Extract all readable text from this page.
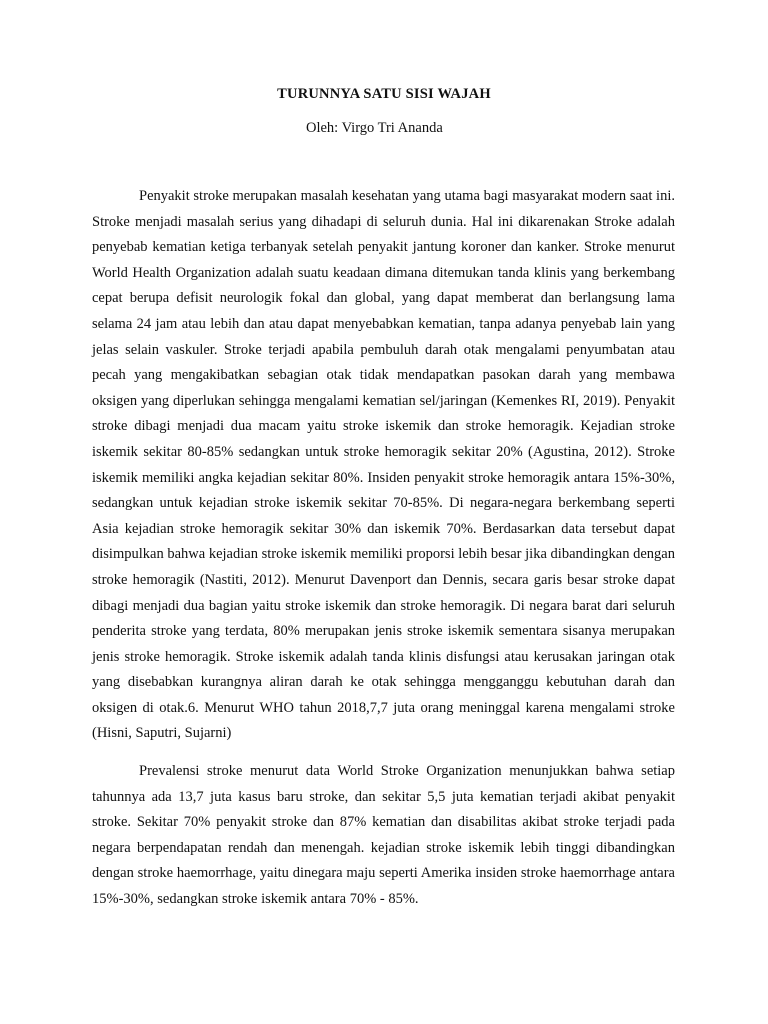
TURUNNYA SATU SISI WAJAH
Oleh: Virgo Tri Ananda

Penyakit stroke merupakan masalah kesehatan yang utama bagi masyarakat modern saat ini. Stroke menjadi masalah serius yang dihadapi di seluruh dunia. Hal ini dikarenakan Stroke adalah penyebab kematian ketiga terbanyak setelah penyakit jantung koroner dan kanker. Stroke menurut World Health Organization adalah suatu keadaan dimana ditemukan tanda klinis yang berkembang cepat berupa defisit neurologik fokal dan global, yang dapat memberat dan berlangsung lama selama 24 jam atau lebih dan atau dapat menyebabkan kematian, tanpa adanya penyebab lain yang jelas selain vaskuler. Stroke terjadi apabila pembuluh darah otak mengalami penyumbatan atau pecah yang mengakibatkan sebagian otak tidak mendapatkan pasokan darah yang membawa oksigen yang diperlukan sehingga mengalami kematian sel/jaringan (Kemenkes RI, 2019). Penyakit stroke dibagi menjadi dua macam yaitu stroke iskemik dan stroke hemoragik. Kejadian stroke iskemik sekitar 80-85% sedangkan untuk stroke hemoragik sekitar 20% (Agustina, 2012). Stroke iskemik memiliki angka kejadian sekitar 80%. Insiden penyakit stroke hemoragik antara 15%-30%, sedangkan untuk kejadian stroke iskemik sekitar 70-85%. Di negara-negara berkembang seperti Asia kejadian stroke hemoragik sekitar 30% dan iskemik 70%. Berdasarkan data tersebut dapat disimpulkan bahwa kejadian stroke iskemik memiliki proporsi lebih besar jika dibandingkan dengan stroke hemoragik (Nastiti, 2012). Menurut Davenport dan Dennis, secara garis besar stroke dapat dibagi menjadi dua bagian yaitu stroke iskemik dan stroke hemoragik. Di negara barat dari seluruh penderita stroke yang terdata, 80% merupakan jenis stroke iskemik sementara sisanya merupakan jenis stroke hemoragik. Stroke iskemik adalah tanda klinis disfungsi atau kerusakan jaringan otak yang disebabkan kurangnya aliran darah ke otak sehingga mengganggu kebutuhan darah dan oksigen di otak.6. Menurut WHO tahun 2018,7,7 juta orang meninggal karena mengalami stroke (Hisni, Saputri, Sujarni)

Prevalensi stroke menurut data World Stroke Organization menunjukkan bahwa setiap tahunnya ada 13,7 juta kasus baru stroke, dan sekitar 5,5 juta kematian terjadi akibat penyakit stroke. Sekitar 70% penyakit stroke dan 87% kematian dan disabilitas akibat stroke terjadi pada negara berpendapatan rendah dan menengah. kejadian stroke iskemik lebih tinggi dibandingkan dengan stroke haemorrhage, yaitu dinegara maju seperti Amerika insiden stroke haemorrhage antara 15%-30%, sedangkan stroke iskemik antara 70% - 85%.
